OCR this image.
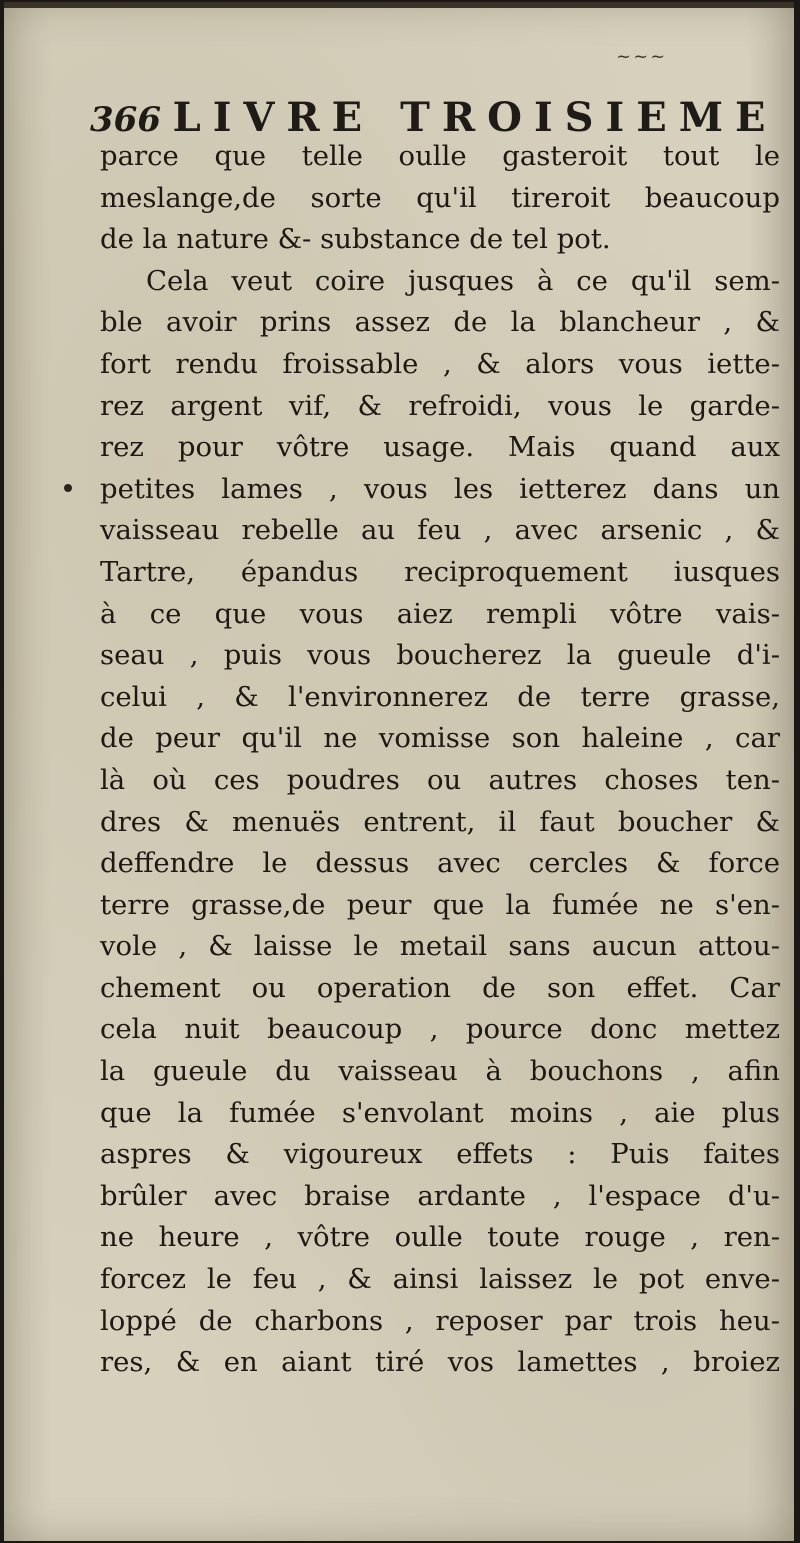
~~~
366 LIVRE TROISIEME
parce que telle oulle gasteroit tout le
meslange,de sorte qu'il tireroit beaucoup
de la nature &- substance de tel pot.
Cela veut coire jusques à ce qu'il sem-
ble avoir prins assez de la blancheur , &
fort rendu froissable , & alors vous iette-
rez argent vif, & refroidi, vous le garde-
rez pour vôtre usage. Mais quand aux
petites lames , vous les ietterez dans un
vaisseau rebelle au feu , avec arsenic , &
Tartre, épandus reciproquement iusques
à ce que vous aiez rempli vôtre vais-
seau , puis vous boucherez la gueule d'i-
celui , & l'environnerez de terre grasse,
de peur qu'il ne vomisse son haleine , car
là où ces poudres ou autres choses ten-
dres & menuës entrent, il faut boucher &
deffendre le dessus avec cercles & force
terre grasse,de peur que la fumée ne s'en-
vole , & laisse le metail sans aucun attou-
chement ou operation de son effet. Car
cela nuit beaucoup , pource donc mettez
la gueule du vaisseau à bouchons , afin
que la fumée s'envolant moins , aie plus
aspres & vigoureux effets : Puis faites
brûler avec braise ardante , l'espace d'u-
ne heure , vôtre oulle toute rouge , ren-
forcez le feu , & ainsi laissez le pot enve-
loppé de charbons , reposer par trois heu-
res, & en aiant tiré vos lamettes , broiez
